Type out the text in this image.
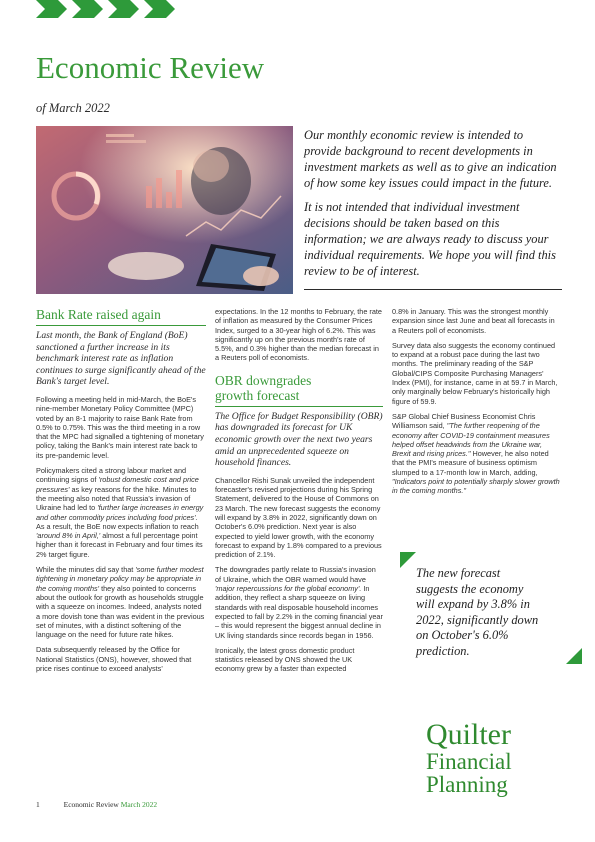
Economic Review
of March 2022

Our monthly economic review is intended to provide background to recent developments in investment markets as well as to give an indication of how some key issues could impact in the future.

It is not intended that individual investment decisions should be taken based on this information; we are always ready to discuss your individual requirements. We hope you will find this review to be of interest.

Bank Rate raised again
Last month, the Bank of England (BoE) sanctioned a further increase in its benchmark interest rate as inflation continues to surge significantly ahead of the Bank's target level.

Following a meeting held in mid-March, the BoE's nine-member Monetary Policy Committee (MPC) voted by an 8-1 majority to raise Bank Rate from 0.5% to 0.75%. This was the third meeting in a row that the MPC had signalled a tightening of monetary policy, taking the Bank's main interest rate back to its pre-pandemic level.

Policymakers cited a strong labour market and continuing signs of 'robust domestic cost and price pressures' as key reasons for the hike. Minutes to the meeting also noted that Russia's invasion of Ukraine had led to 'further large increases in energy and other commodity prices including food prices'. As a result, the BoE now expects inflation to reach 'around 8% in April,' almost a full percentage point higher than it forecast in February and four times its 2% target figure.

While the minutes did say that 'some further modest tightening in monetary policy may be appropriate in the coming months' they also pointed to concerns about the outlook for growth as households struggle with a squeeze on incomes. Indeed, analysts noted a more dovish tone than was evident in the previous set of minutes, with a distinct softening of the language on the need for future rate hikes.

Data subsequently released by the Office for National Statistics (ONS), however, showed that price rises continue to exceed analysts'

expectations. In the 12 months to February, the rate of inflation as measured by the Consumer Prices Index, surged to a 30-year high of 6.2%. This was significantly up on the previous month's rate of 5.5%, and 0.3% higher than the median forecast in a Reuters poll of economists.

OBR downgrades
growth forecast
The Office for Budget Responsibility (OBR) has downgraded its forecast for UK economic growth over the next two years amid an unprecedented squeeze on household finances.

Chancellor Rishi Sunak unveiled the independent forecaster's revised projections during his Spring Statement, delivered to the House of Commons on 23 March. The new forecast suggests the economy will expand by 3.8% in 2022, significantly down on October's 6.0% prediction. Next year is also expected to yield lower growth, with the economy forecast to expand by 1.8% compared to a previous prediction of 2.1%.

The downgrades partly relate to Russia's invasion of Ukraine, which the OBR warned would have 'major repercussions for the global economy'. In addition, they reflect a sharp squeeze on living standards with real disposable household incomes expected to fall by 2.2% in the coming financial year – this would represent the biggest annual decline in UK living standards since records began in 1956.

Ironically, the latest gross domestic product statistics released by ONS showed the UK economy grew by a faster than expected

0.8% in January. This was the strongest monthly expansion since last June and beat all forecasts in a Reuters poll of economists.

Survey data also suggests the economy continued to expand at a robust pace during the last two months. The preliminary reading of the S&P Global/CIPS Composite Purchasing Managers' Index (PMI), for instance, came in at 59.7 in March, only marginally below February's historically high figure of 59.9.

S&P Global Chief Business Economist Chris Williamson said, "The further reopening of the economy after COVID-19 containment measures helped offset headwinds from the Ukraine war, Brexit and rising prices." However, he also noted that the PMI's measure of business optimism slumped to a 17-month low in March, adding, "Indicators point to potentially sharply slower growth in the coming months."

The new forecast suggests the economy will expand by 3.8% in 2022, significantly down on October's 6.0% prediction.
Quilter
Financial
Planning
1	Economic Review March 2022
